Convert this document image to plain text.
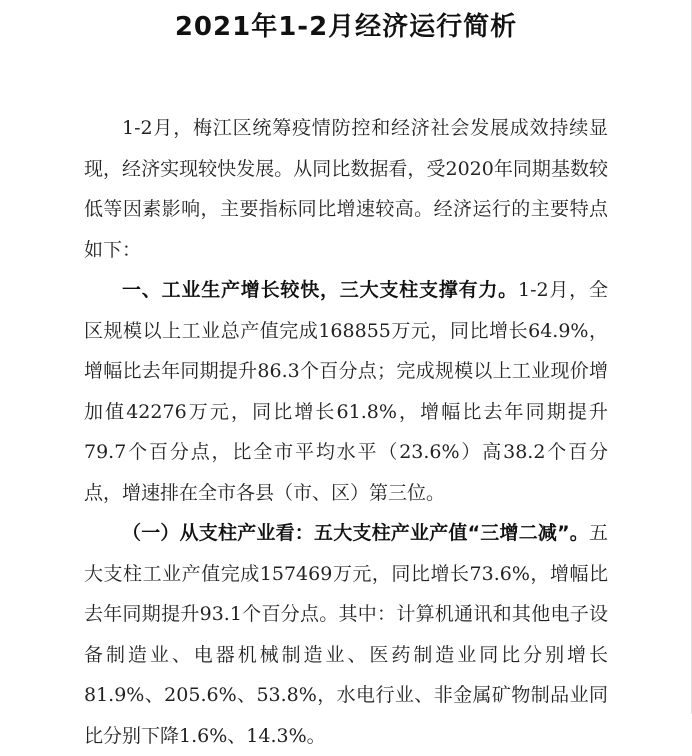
2021年1-2月经济运行简析

1-2月，梅江区统筹疫情防控和经济社会发展成效持续显现，经济实现较快发展。从同比数据看，受2020年同期基数较低等因素影响，主要指标同比增速较高。经济运行的主要特点如下：

一、工业生产增长较快，三大支柱支撑有力。1-2月，全区规模以上工业总产值完成168855万元，同比增长64.9%，增幅比去年同期提升86.3个百分点；完成规模以上工业现价增加值42276万元，同比增长61.8%，增幅比去年同期提升79.7个百分点，比全市平均水平（23.6%）高38.2个百分点，增速排在全市各县（市、区）第三位。

（一）从支柱产业看：五大支柱产业产值“三增二减”。五大支柱工业产值完成157469万元，同比增长73.6%，增幅比去年同期提升93.1个百分点。其中：计算机通讯和其他电子设备制造业、电器机械制造业、医药制造业同比分别增长81.9%、205.6%、53.8%，水电行业、非金属矿物制品业同比分别下降1.6%、14.3%。
